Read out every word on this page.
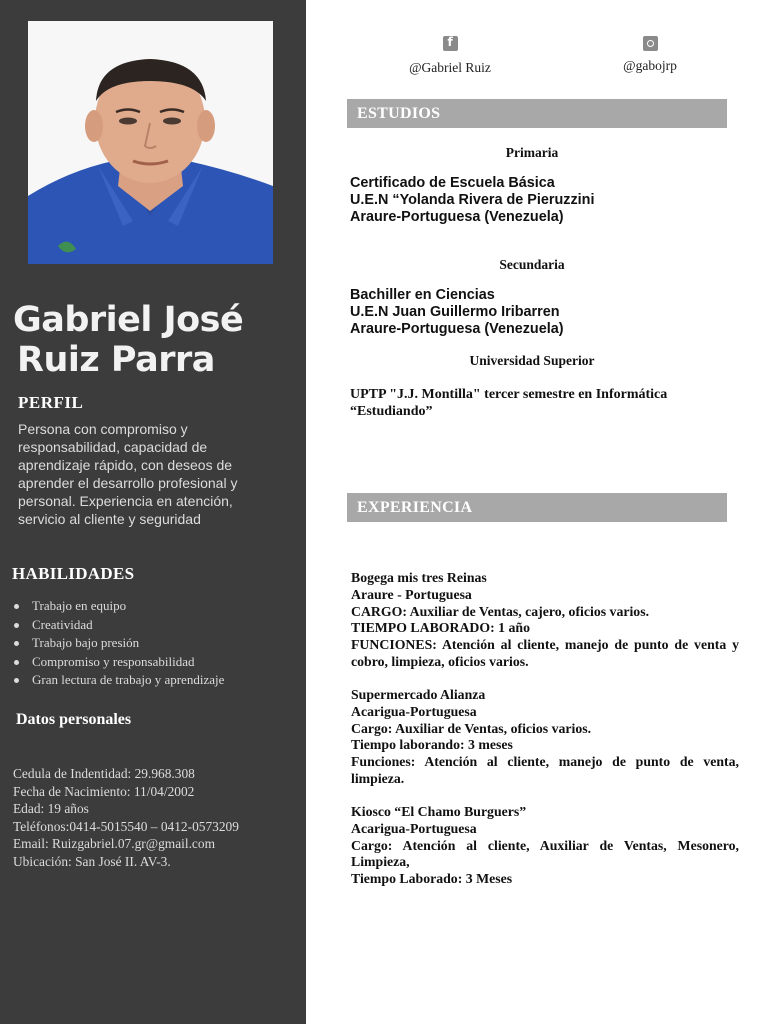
Gabriel José
Ruiz Parra
PERFIL
Persona con compromiso y responsabilidad, capacidad de aprendizaje rápido, con deseos de aprender el desarrollo profesional y personal. Experiencia en atención, servicio al cliente y seguridad
HABILIDADES
Trabajo en equipo
Creatividad
Trabajo bajo presión
Compromiso y responsabilidad
Gran lectura de trabajo y aprendizaje
Datos personales
Cedula de Indentidad: 29.968.308
Fecha de Nacimiento: 11/04/2002
Edad: 19 años
Teléfonos:0414-5015540 – 0412-0573209
Email: Ruizgabriel.07.gr@gmail.com
Ubicación: San José II. AV-3.
f
@Gabriel Ruiz	@gabojrp
ESTUDIOS
Primaria
Certificado de Escuela Básica
U.E.N “Yolanda Rivera de Pieruzzini
Araure-Portuguesa (Venezuela)
Secundaria
Bachiller en Ciencias
U.E.N Juan Guillermo Iribarren
Araure-Portuguesa (Venezuela)
Universidad Superior
UPTP "J.J. Montilla" tercer semestre en Informática
“Estudiando”
EXPERIENCIA
Bogega mis tres Reinas
Araure - Portuguesa
CARGO: Auxiliar de Ventas, cajero, oficios varios.
TIEMPO LABORADO: 1 año
FUNCIONES: Atención al cliente, manejo de punto de venta y cobro, limpieza, oficios varios.
Supermercado Alianza
Acarigua-Portuguesa
Cargo: Auxiliar de Ventas, oficios varios.
Tiempo laborando: 3 meses
Funciones: Atención al cliente, manejo de punto de venta, limpieza.
Kiosco “El Chamo Burguers”
Acarigua-Portuguesa
Cargo: Atención al cliente, Auxiliar de Ventas, Mesonero, Limpieza,
Tiempo Laborado: 3 Meses
